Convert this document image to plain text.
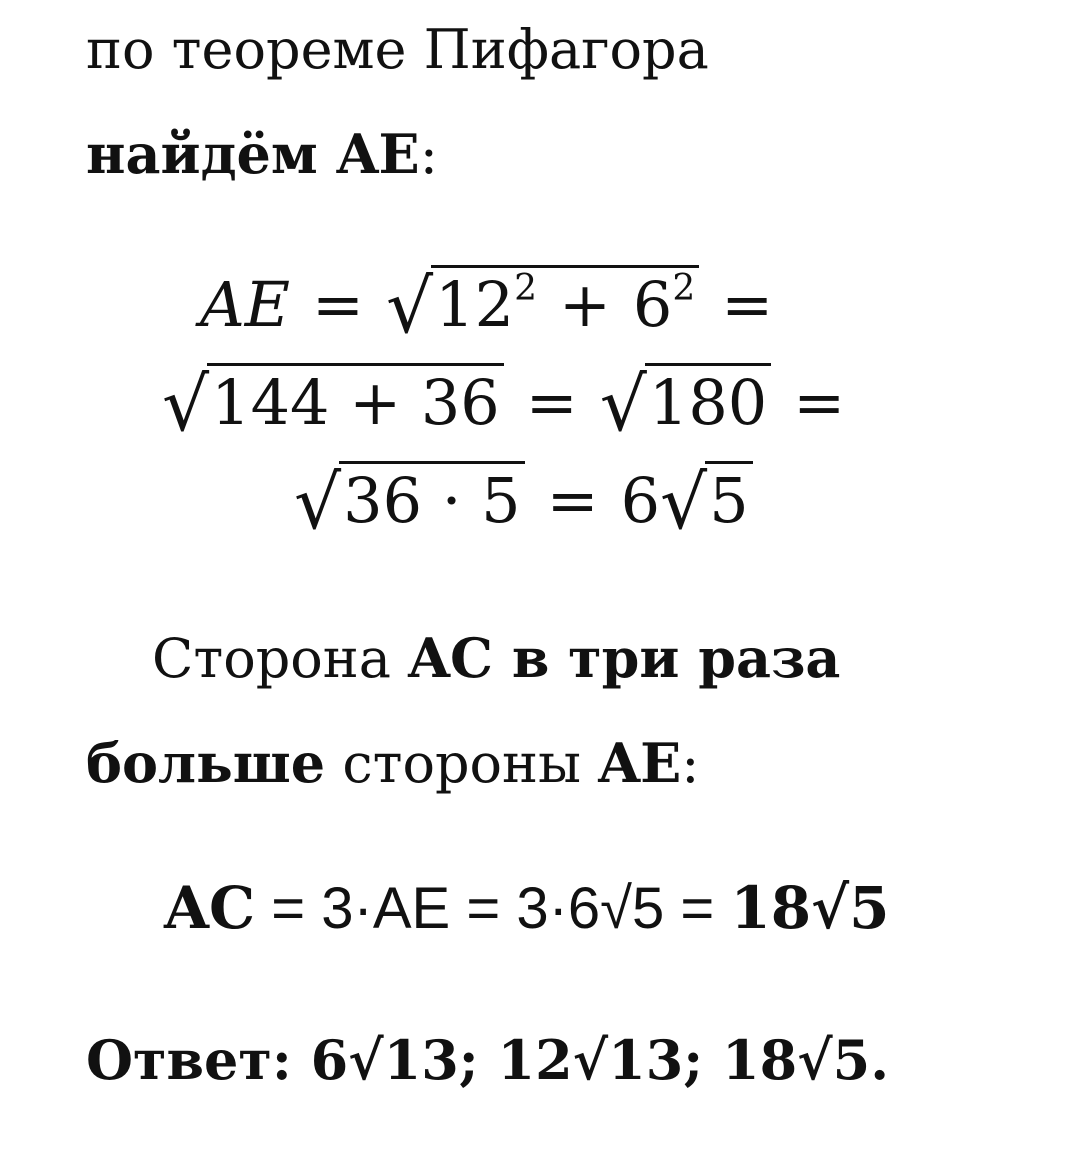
по теореме Пифагора
найдём AE:
AE = √ $12^2 + 6^2$ =
√ 144 + 36 = √ 180 =
√ 36 · 5 = 6 √ 5
Сторона AC в три раза
больше стороны AE:
AC = 3·AE = 3·6√5 = 18√5
Ответ: 6√13; 12√13; 18√5.
